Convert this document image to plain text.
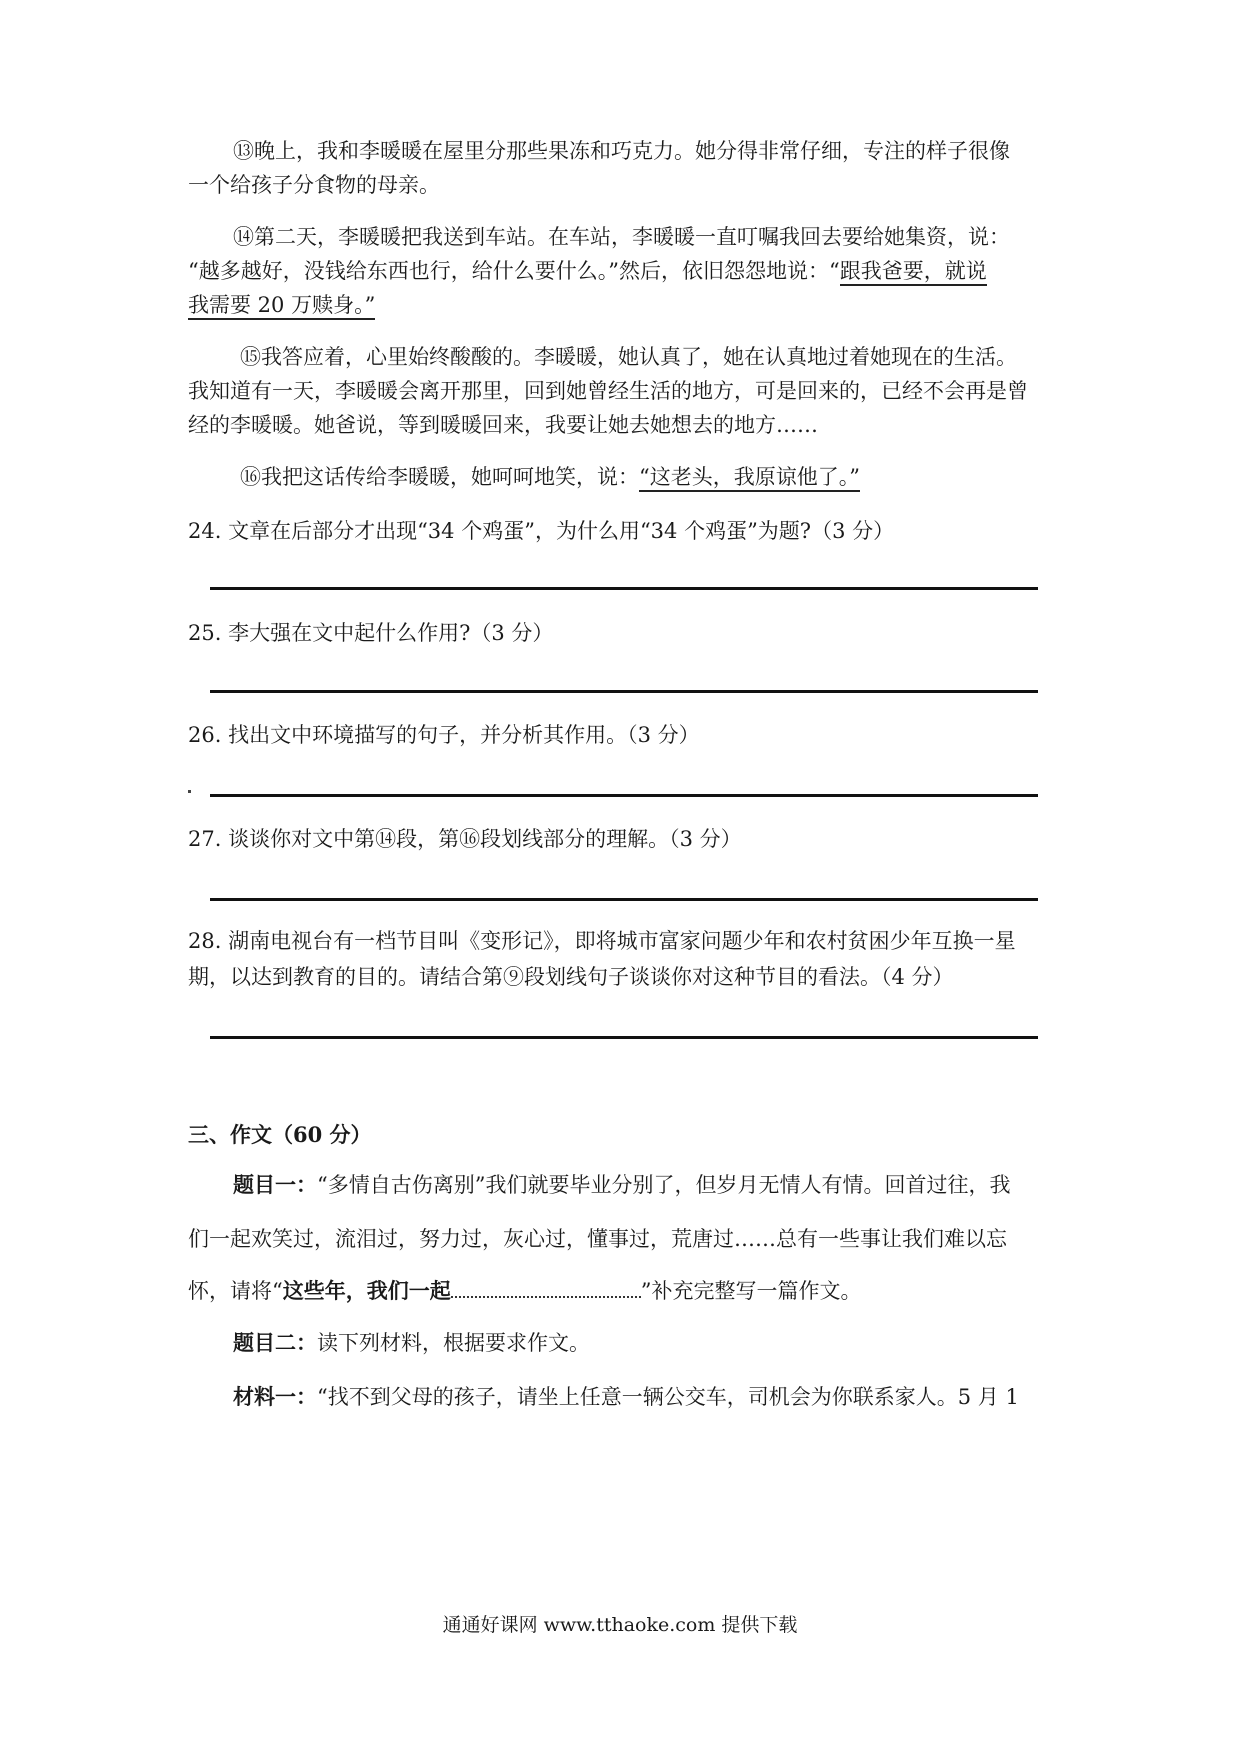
⑬晚上，我和李暖暖在屋里分那些果冻和巧克力。她分得非常仔细，专注的样子很像
一个给孩子分食物的母亲。
⑭第二天，李暖暖把我送到车站。在车站，李暖暖一直叮嘱我回去要给她集资，说：
“越多越好，没钱给东西也行，给什么要什么。”然后，依旧怨怨地说：“跟我爸要，就说
我需要 20 万赎身。”
⑮我答应着，心里始终酸酸的。李暖暖，她认真了，她在认真地过着她现在的生活。
我知道有一天，李暖暖会离开那里，回到她曾经生活的地方，可是回来的，已经不会再是曾
经的李暖暖。她爸说，等到暖暖回来，我要让她去她想去的地方……
⑯我把这话传给李暖暖，她呵呵地笑，说：“这老头，我原谅他了。”
24. 文章在后部分才出现“34 个鸡蛋”，为什么用“34 个鸡蛋”为题?（3 分）
25. 李大强在文中起什么作用?（3 分）
26. 找出文中环境描写的句子，并分析其作用。（3 分）
27. 谈谈你对文中第⑭段，第⑯段划线部分的理解。（3 分）
28. 湖南电视台有一档节目叫《变形记》，即将城市富家问题少年和农村贫困少年互换一星
期，以达到教育的目的。请结合第⑨段划线句子谈谈你对这种节目的看法。（4 分）
三、作文（60 分）
题目一：“多情自古伤离别”我们就要毕业分别了，但岁月无情人有情。回首过往，我
们一起欢笑过，流泪过，努力过，灰心过，懂事过，荒唐过……总有一些事让我们难以忘
怀，请将“这些年，我们一起	”补充完整写一篇作文。
题目二：读下列材料，根据要求作文。
材料一：“找不到父母的孩子，请坐上任意一辆公交车，司机会为你联系家人。5 月 1
通通好课网 www.tthaoke.com 提供下载
